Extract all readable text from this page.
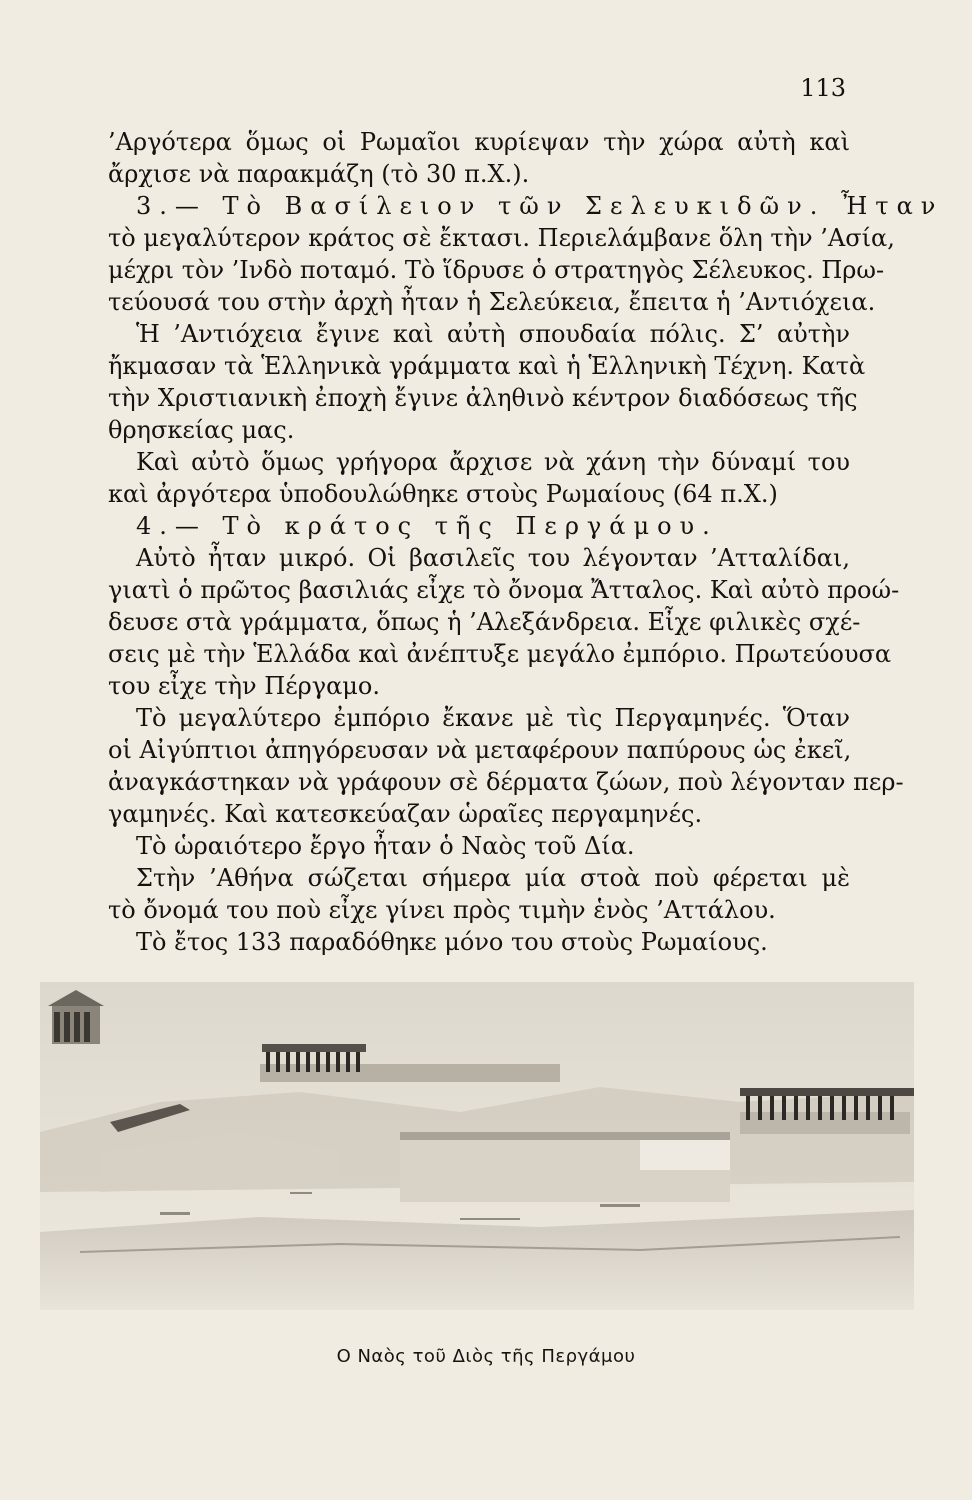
113
’Αργότερα ὅμως οἱ Ρωμαῖοι κυρίεψαν τὴν χώρα αὐτὴ καὶ
ἄρχισε νὰ παρακμάζη (τὸ 30 π.Χ.).
3.— Τὸ Βασίλειον τῶν Σελευκιδῶν. Ἦταν
τὸ μεγαλύτερον κράτος σὲ ἔκτασι. Περιελάμβανε ὅλη τὴν ’Ασία,
μέχρι τὸν ’Ινδὸ ποταμό. Τὸ ἵδρυσε ὁ στρατηγὸς Σέλευκος. Πρω-
τεύουσά του στὴν ἀρχὴ ἦταν ἡ Σελεύκεια, ἔπειτα ἡ ’Αντιόχεια.
Ἡ ’Αντιόχεια ἔγινε καὶ αὐτὴ σπουδαία πόλις. Σ’ αὐτὴν
ἤκμασαν τὰ Ἑλληνικὰ γράμματα καὶ ἡ Ἑλληνικὴ Τέχνη. Κατὰ
τὴν Χριστιανικὴ ἐποχὴ ἔγινε ἀληθινὸ κέντρον διαδόσεως τῆς
θρησκείας μας.
Καὶ αὐτὸ ὅμως γρήγορα ἄρχισε νὰ χάνη τὴν δύναμί του
καὶ ἀργότερα ὑποδουλώθηκε στοὺς Ρωμαίους (64 π.Χ.)
4.— Τὸ κράτος τῆς Περγάμου.
Αὐτὸ ἦταν μικρό. Οἱ βασιλεῖς του λέγονταν ’Ατταλίδαι,
γιατὶ ὁ πρῶτος βασιλιάς εἶχε τὸ ὄνομα Ἄτταλος. Καὶ αὐτὸ προώ-
δευσε στὰ γράμματα, ὅπως ἡ ’Αλεξάνδρεια. Εἶχε φιλικὲς σχέ-
σεις μὲ τὴν Ἑλλάδα καὶ ἀνέπτυξε μεγάλο ἐμπόριο. Πρωτεύουσα
του εἶχε τὴν Πέργαμο.
Τὸ μεγαλύτερο ἐμπόριο ἔκανε μὲ τὶς Περγαμηνές. Ὅταν
οἱ Αἰγύπτιοι ἀπηγόρευσαν νὰ μεταφέρουν παπύρους ὡς ἐκεῖ,
ἀναγκάστηκαν νὰ γράφουν σὲ δέρματα ζώων, ποὺ λέγονταν περ-
γαμηνές. Καὶ κατεσκεύαζαν ὡραῖες περγαμηνές.
Τὸ ὡραιότερο ἔργο ἦταν ὁ Ναὸς τοῦ Δία.
Στὴν ’Αθήνα σώζεται σήμερα μία στοὰ ποὺ φέρεται μὲ
τὸ ὄνομά του ποὺ εἶχε γίνει πρὸς τιμὴν ἑνὸς ’Αττάλου.
Τὸ ἔτος 133 παραδόθηκε μόνο του στοὺς Ρωμαίους.
Ο Ναὸς τοῦ Διὸς τῆς Περγάμου
